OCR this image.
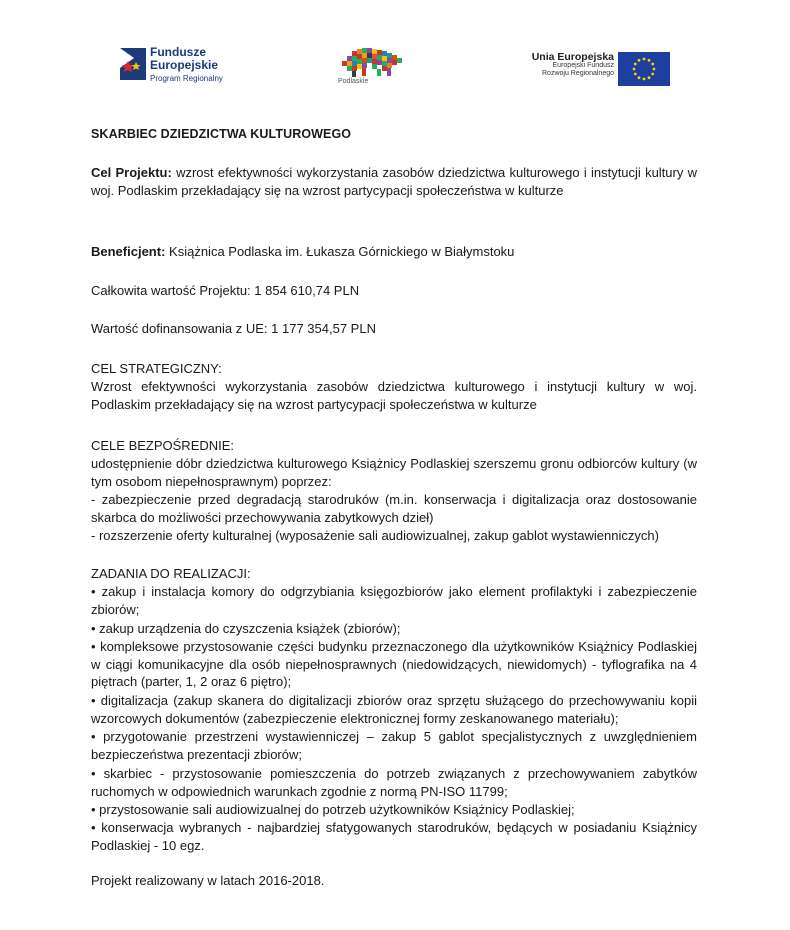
Fundusze
Europejskie
Program Regionalny	Podlaskie
Unia Europejska
Europejski Fundusz
Rozwoju Regionalnego
SKARBIEC DZIEDZICTWA KULTUROWEGO
Cel Projektu: wzrost efektywności wykorzystania zasobów dziedzictwa kulturowego i instytucji kultury w woj. Podlaskim przekładający się na wzrost partycypacji społeczeństwa w kulturze
Beneficjent: Książnica Podlaska im. Łukasza Górnickiego w Białymstoku
Całkowita wartość Projektu: 1 854 610,74 PLN
Wartość dofinansowania z UE: 1 177 354,57 PLN
CEL STRATEGICZNY:
Wzrost efektywności wykorzystania zasobów dziedzictwa kulturowego i instytucji kultury w woj. Podlaskim przekładający się na wzrost partycypacji społeczeństwa w kulturze
CELE BEZPOŚREDNIE:
udostępnienie dóbr dziedzictwa kulturowego Książnicy Podlaskiej szerszemu gronu odbiorców kultury (w tym osobom niepełnosprawnym) poprzez:
- zabezpieczenie przed degradacją starodruków (m.in. konserwacja i digitalizacja oraz dostosowanie skarbca do możliwości przechowywania zabytkowych dzieł)
- rozszerzenie oferty kulturalnej (wyposażenie sali audiowizualnej, zakup gablot wystawienniczych)
ZADANIA DO REALIZACJI:
• zakup i instalacja komory do odgrzybiania księgozbiorów jako element profilaktyki i zabezpieczenie zbiorów;
• zakup urządzenia do czyszczenia książek (zbiorów);
• kompleksowe przystosowanie części budynku przeznaczonego dla użytkowników Książnicy Podlaskiej w ciągi komunikacyjne dla osób niepełnosprawnych (niedowidzących, niewidomych) - tyflografika na 4 piętrach (parter, 1, 2 oraz 6 piętro);
• digitalizacja (zakup skanera do digitalizacji zbiorów oraz sprzętu służącego do przechowywaniu kopii wzorcowych dokumentów (zabezpieczenie elektronicznej formy zeskanowanego materiału);
• przygotowanie przestrzeni wystawienniczej – zakup 5 gablot specjalistycznych z uwzględnieniem bezpieczeństwa prezentacji zbiorów;
• skarbiec - przystosowanie pomieszczenia do potrzeb związanych z przechowywaniem zabytków ruchomych w odpowiednich warunkach zgodnie z normą PN-ISO 11799;
• przystosowanie sali audiowizualnej do potrzeb użytkowników Książnicy Podlaskiej;
• konserwacja wybranych - najbardziej sfatygowanych starodruków, będących w posiadaniu Książnicy Podlaskiej - 10 egz.
Projekt realizowany w latach 2016-2018.
